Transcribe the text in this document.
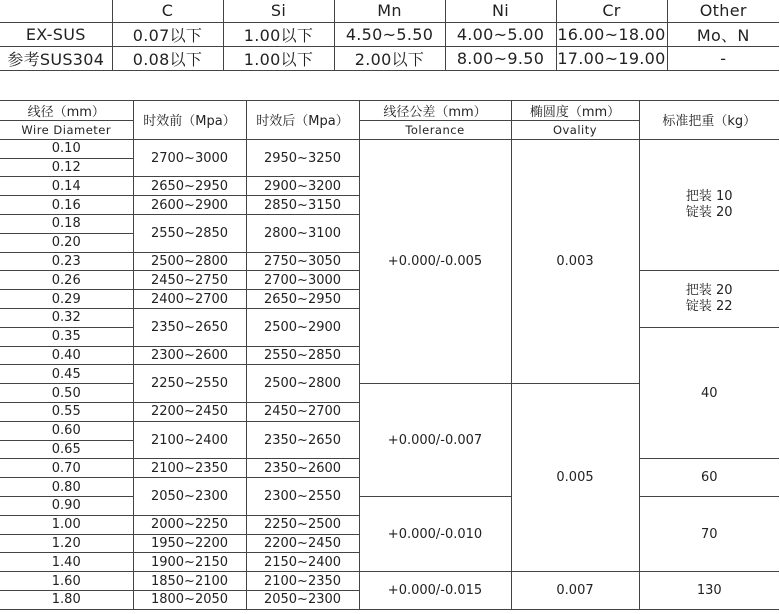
	C	Si	Mn	Ni	Cr	Other
EX-SUS	0.07以下	1.00以下	4.50~5.50	4.00~5.00	16.00~18.00	Mo、N
参考SUS304	0.08以下	1.00以下	2.00以下	8.00~9.50	17.00~19.00	-
线径（mm）	时效前（Mpa）	时效后（Mpa）	线径公差（mm）	椭圆度（mm）	标准把重（kg）
Wire Diameter			Tolerance	Ovality	
0.10	2700~3000	2950~3250	+0.000/-0.005	0.003	把装 10
锭装 20

0.12					
0.14	2650~2950	2900~3200			
0.16	2600~2900	2850~3150			
0.18	2550~2850	2800~3100			
0.20					
0.23	2500~2800	2750~3050			
0.26	2450~2750	2700~3000			把装 20
锭装 22

0.29	2400~2700	2650~2950			
0.32	2350~2650	2500~2900			
0.35					40
0.40	2300~2600	2550~2850			
0.45	2250~2550	2500~2800			
0.50			+0.000/-0.007	0.005	
0.55	2200~2450	2450~2700			
0.60	2100~2400	2350~2650			
0.65					
0.70	2100~2350	2350~2600			60
0.80	2050~2300	2300~2550			
0.90			+0.000/-0.010		70
1.00	2000~2250	2250~2500			
1.20	1950~2200	2200~2450			
1.40	1900~2150	2150~2400			
1.60	1850~2100	2100~2350	+0.000/-0.015	0.007	130
1.80	1800~2050	2050~2300			
